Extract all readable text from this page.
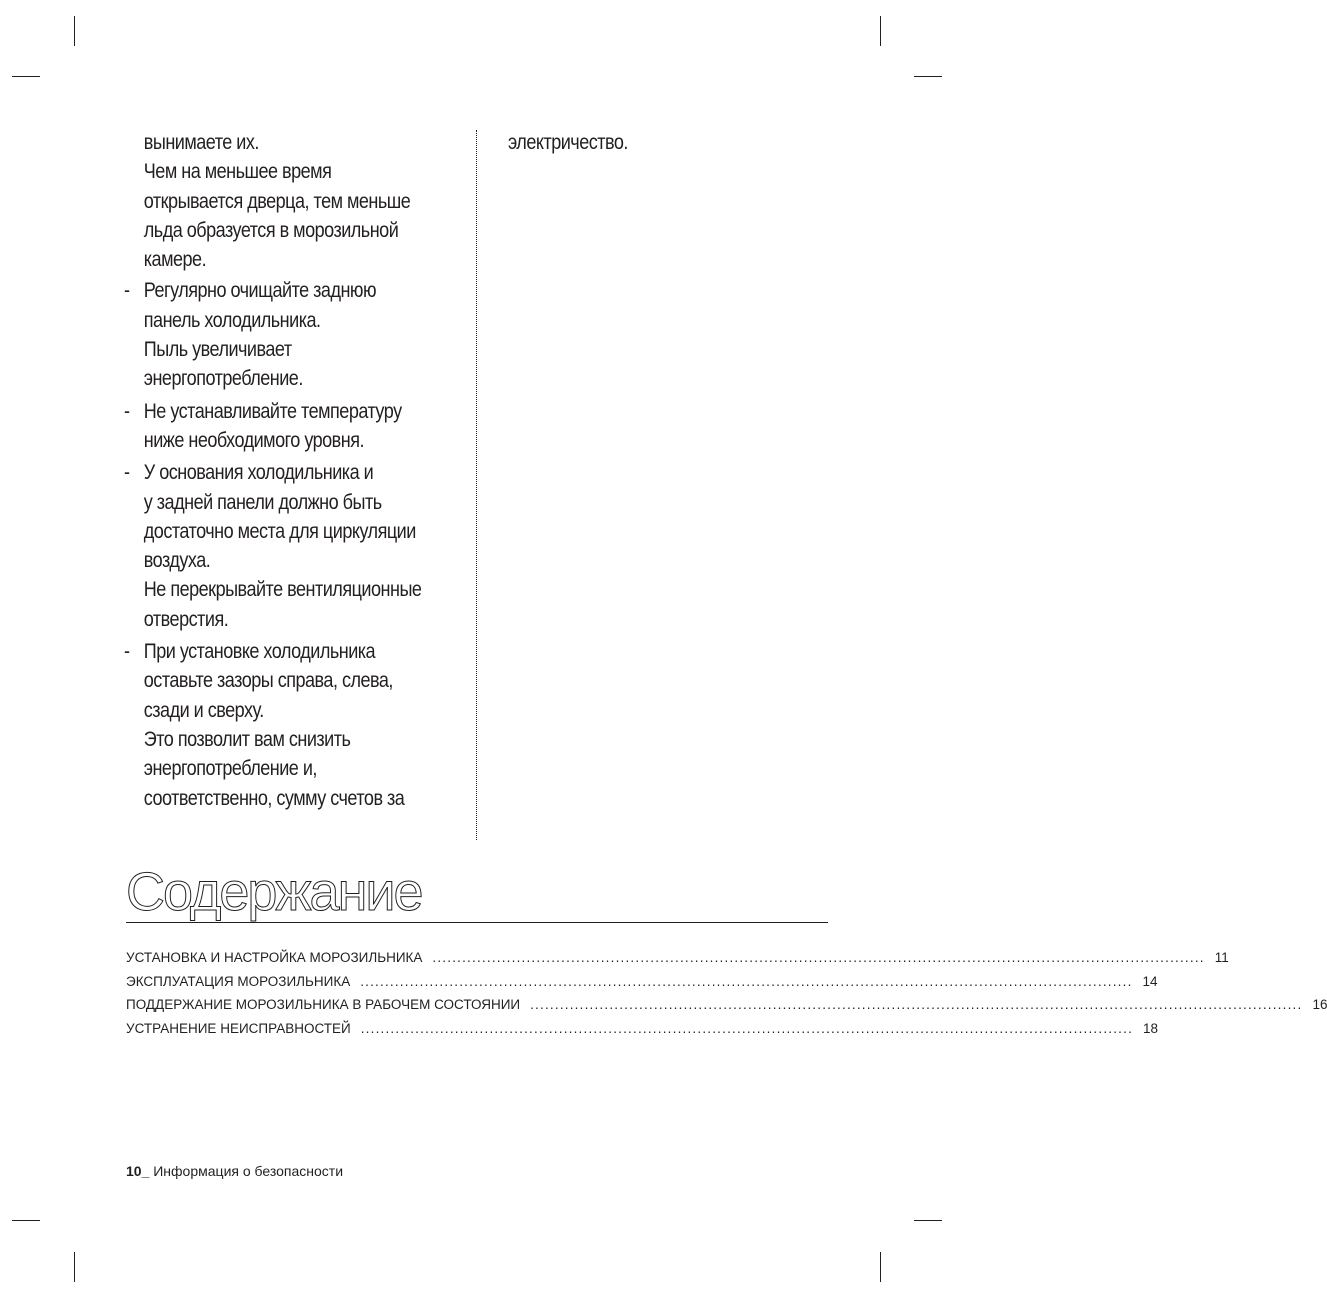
вынимаете их.
Чем на меньшее время
открывается дверца, тем меньше
льда образуется в морозильной
камере.
- Регулярно очищайте заднюю
панель холодильника.
Пыль увеличивает
энергопотребление.
- Не устанавливайте температуру
ниже необходимого уровня.
- У основания холодильника и
у задней панели должно быть
достаточно места для циркуляции
воздуха.
Не перекрывайте вентиляционные
отверстия.
- При установке холодильника
оставьте зазоры справа, слева,
сзади и сверху.
Это позволит вам снизить
энергопотребление и,
соответственно, сумму счетов за
электричество.
Содержание
УСТАНОВКА И НАСТРОЙКА МОРОЗИЛЬНИКА ............................................................................................................................................................ 11
ЭКСПЛУАТАЦИЯ МОРОЗИЛЬНИКА ............................................................................................................................................................ 14
ПОДДЕРЖАНИЕ МОРОЗИЛЬНИКА В РАБОЧЕМ СОСТОЯНИИ ............................................................................................................................................................ 16
УСТРАНЕНИЕ НЕИСПРАВНОСТЕЙ ............................................................................................................................................................ 18
10_ Информация о безопасности
